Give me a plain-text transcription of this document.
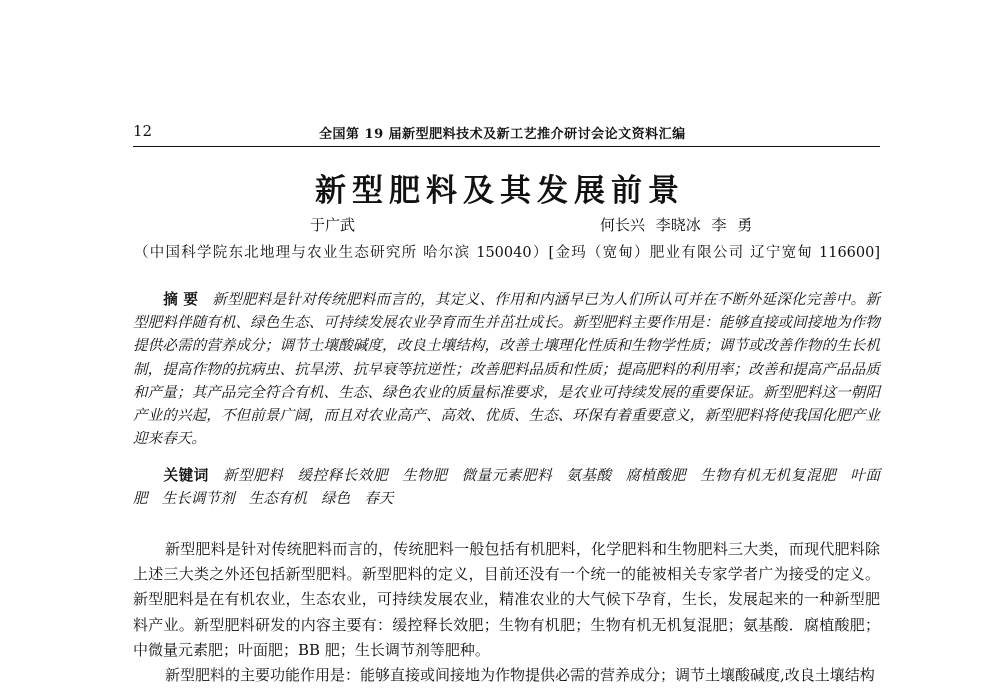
12	全国第 19 届新型肥料技术及新工艺推介研讨会论文资料汇编
新型肥料及其发展前景
于广武	何长兴 李晓冰 李 勇
（中国科学院东北地理与农业生态研究所 哈尔滨 150040）[金玛（宽甸）肥业有限公司 辽宁宽甸 116600]
摘 要 新型肥料是针对传统肥料而言的，其定义、作用和内涵早已为人们所认可并在不断外延深化完善中。新型肥料伴随有机、绿色生态、可持续发展农业孕育而生并茁壮成长。新型肥料主要作用是：能够直接或间接地为作物提供必需的营养成分；调节土壤酸碱度，改良土壤结构，改善土壤理化性质和生物学性质；调节或改善作物的生长机制，提高作物的抗病虫、抗旱涝、抗早衰等抗逆性；改善肥料品质和性质；提高肥料的利用率；改善和提高产品品质和产量；其产品完全符合有机、生态、绿色农业的质量标准要求，是农业可持续发展的重要保证。新型肥料这一朝阳产业的兴起，不但前景广阔，而且对农业高产、高效、优质、生态、环保有着重要意义，新型肥料将使我国化肥产业迎来春天。
关键词 新型肥料 缓控释长效肥 生物肥 微量元素肥料 氨基酸 腐植酸肥 生物有机无机复混肥 叶面肥 生长调节剂 生态有机 绿色 春天

新型肥料是针对传统肥料而言的，传统肥料一般包括有机肥料，化学肥料和生物肥料三大类，而现代肥料除上述三大类之外还包括新型肥料。新型肥料的定义，目前还没有一个统一的能被相关专家学者广为接受的定义。新型肥料是在有机农业，生态农业，可持续发展农业，精准农业的大气候下孕育，生长，发展起来的一种新型肥料产业。新型肥料研发的内容主要有：缓控释长效肥；生物有机肥；生物有机无机复混肥；氨基酸．腐植酸肥；中微量元素肥；叶面肥；BB 肥；生长调节剂等肥种。

新型肥料的主要功能作用是：能够直接或间接地为作物提供必需的营养成分；调节土壤酸碱度,改良土壤结构
